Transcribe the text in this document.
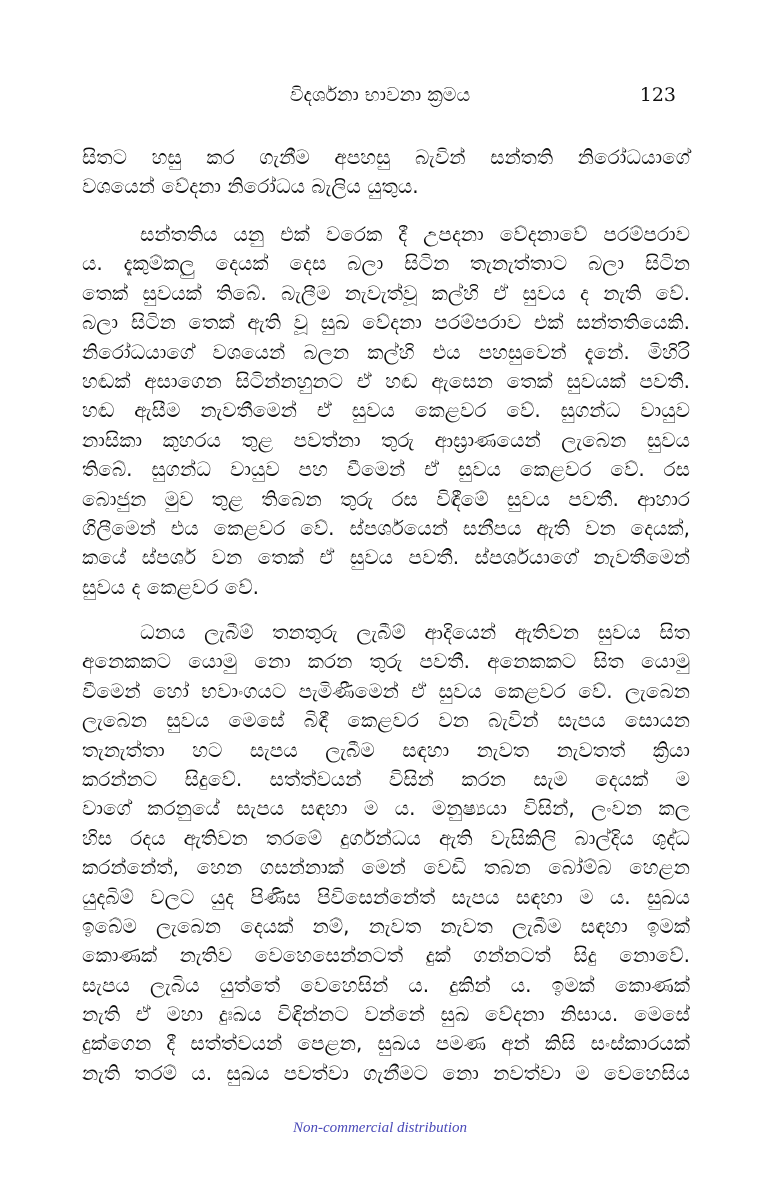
විදර්ශනා භාවනා ක්‍රමය	123
සිතට හසු කර ගැනීම අපහසු බැවින් සන්තති නිරෝධයාගේ
වශයෙන් වේදනා නිරෝධය බැලිය යුතුය.
සන්තතිය යනු එක් වරෙක දී උපදනා වේදනාවේ පරම්පරාව
ය. දැකුම්කලු දෙයක් දෙස බලා සිටින තැනැත්තාට බලා සිටින
තෙක් සුවයක් තිබේ. බැලීම නැවැත්වූ කල්හි ඒ සුවය ද නැති වේ.
බලා සිටින තෙක් ඇති වූ සුඛ වේදනා පරම්පරාව එක් සන්තතියෙකි.
නිරෝධයාගේ වශයෙන් බලන කල්හි එය පහසුවෙන් දැනේ. මිහිරි
හඬක් අසාගෙන සිටින්නහුනට ඒ හඬ ඇසෙන තෙක් සුවයක් පවතී.
හඬ ඇසීම නැවතීමෙන් ඒ සුවය කෙළවර වේ. සුගන්ධ වායුව
නාසිකා කුහරය තුළ පවත්නා තුරු ආඝ්‍රාණයෙන් ලැබෙන සුවය
තිබේ. සුගන්ධ වායුව පහ වීමෙන් ඒ සුවය කෙළවර වේ. රස
බොජුන මුව තුළ තිබෙන තුරු රස විඳීමේ සුවය පවතී. ආහාර
ගිලීමෙන් එය කෙළවර වේ. ස්පර්ශයෙන් සනීපය ඇති වන දෙයක්,
කයේ ස්පර්ශ වන තෙක් ඒ සුවය පවතී. ස්පර්ශයාගේ නැවතීමෙන්
සුවය ද කෙළවර වේ.
ධනය ලැබීම් තනතුරු ලැබීම් ආදියෙන් ඇතිවන සුවය සිත
අනෙකකට යොමු නො කරන තුරු පවතී. අනෙකකට සිත යොමු
වීමෙන් හෝ භවාංගයට පැමිණීමෙන් ඒ සුවය කෙළවර වේ. ලැබෙන
ලැබෙන සුවය මෙසේ බිඳී කෙළවර වන බැවින් සැපය සොයන
තැනැත්තා හට සැපය ලැබීම සඳහා නැවත නැවතත් ක්‍රියා
කරන්නට සිදුවේ. සත්ත්වයන් විසින් කරන සැම දෙයක් ම
වාගේ කරනුයේ සැපය සඳහා ම ය. මනුෂ්‍යයා විසින්, ලංවන කල
හිස රදය ඇතිවන තරමේ දුර්ගන්ධය ඇති වැසිකිලි බාල්දිය ශුද්ධ
කරන්නේත්, හෙන ගසන්නාක් මෙන් වෙඩි තබන බෝම්බ හෙළන
යුදබිම් වලට යුද පිණිස පිවිසෙන්නේත් සැපය සඳහා ම ය. සුඛය
ඉබේම ලැබෙන දෙයක් නම්, නැවත නැවත ලැබීම සඳහා ඉමක්
කොණක් නැතිව වෙහෙසෙන්නටත් දුක් ගන්නටත් සිදු නොවේ.
සැපය ලැබිය යුත්තේ වෙහෙසින් ය. දුකින් ය. ඉමක් කොණක්
නැති ඒ මහා දුඃඛය විඳින්නට වන්නේ සුඛ වේදනා නිසාය. මෙසේ
දුක්ගෙන දී සත්ත්වයන් පෙළන, සුඛය පමණ අන් කිසි සංස්කාරයක්
නැති තරම් ය. සුඛය පවත්වා ගැනීමට නො නවත්වා ම වෙහෙසිය
Non-commercial distribution
